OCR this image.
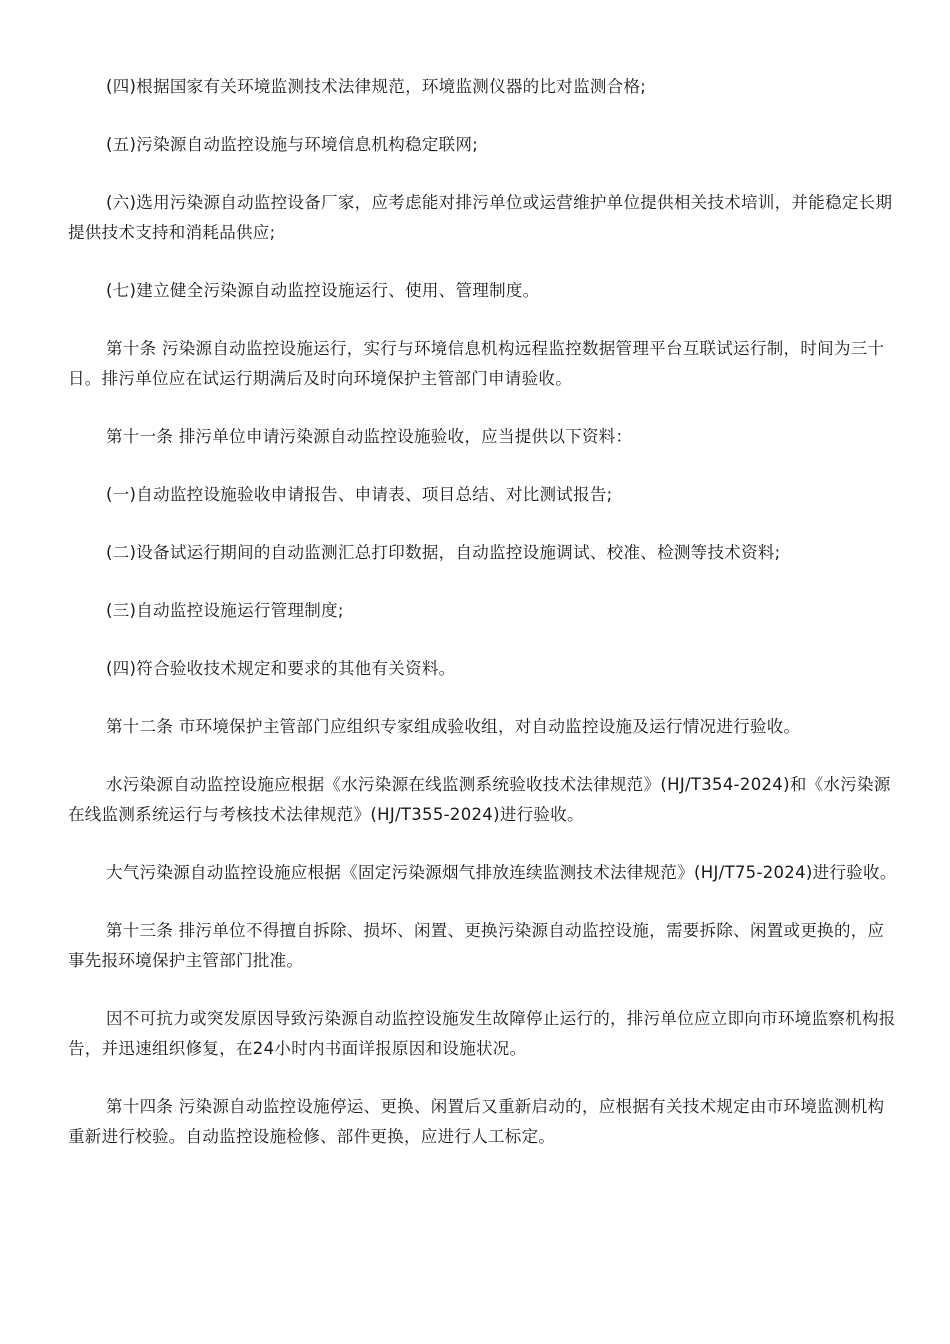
(四)根据国家有关环境监测技术法律规范，环境监测仪器的比对监测合格;

(五)污染源自动监控设施与环境信息机构稳定联网;

(六)选用污染源自动监控设备厂家，应考虑能对排污单位或运营维护单位提供相关技术培训，并能稳定长期提供技术支持和消耗品供应;

(七)建立健全污染源自动监控设施运行、使用、管理制度。

第十条 污染源自动监控设施运行，实行与环境信息机构远程监控数据管理平台互联试运行制，时间为三十日。排污单位应在试运行期满后及时向环境保护主管部门申请验收。

第十一条 排污单位申请污染源自动监控设施验收，应当提供以下资料：

(一)自动监控设施验收申请报告、申请表、项目总结、对比测试报告;

(二)设备试运行期间的自动监测汇总打印数据，自动监控设施调试、校准、检测等技术资料;

(三)自动监控设施运行管理制度;

(四)符合验收技术规定和要求的其他有关资料。

第十二条 市环境保护主管部门应组织专家组成验收组，对自动监控设施及运行情况进行验收。

水污染源自动监控设施应根据《水污染源在线监测系统验收技术法律规范》(HJ/T354-2024)和《水污染源在线监测系统运行与考核技术法律规范》(HJ/T355-2024)进行验收。

大气污染源自动监控设施应根据《固定污染源烟气排放连续监测技术法律规范》(HJ/T75-2024)进行验收。

第十三条 排污单位不得擅自拆除、损坏、闲置、更换污染源自动监控设施，需要拆除、闲置或更换的，应事先报环境保护主管部门批准。

因不可抗力或突发原因导致污染源自动监控设施发生故障停止运行的，排污单位应立即向市环境监察机构报告，并迅速组织修复，在24小时内书面详报原因和设施状况。

第十四条 污染源自动监控设施停运、更换、闲置后又重新启动的，应根据有关技术规定由市环境监测机构重新进行校验。自动监控设施检修、部件更换，应进行人工标定。
